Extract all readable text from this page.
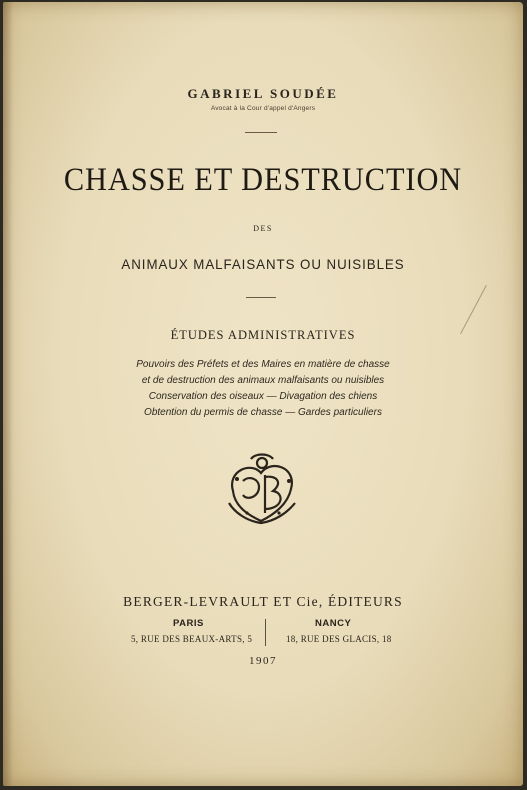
GABRIEL SOUDÉE
Avocat à la Cour d'appel d'Angers
CHASSE ET DESTRUCTION
DES
ANIMAUX MALFAISANTS OU NUISIBLES
ÉTUDES ADMINISTRATIVES
Pouvoirs des Préfets et des Maires en matière de chasse
et de destruction des animaux malfaisants ou nuisibles
Conservation des oiseaux — Divagation des chiens
Obtention du permis de chasse — Gardes particuliers
BERGER-LEVRAULT ET Cie, ÉDITEURS
PARIS
5, RUE DES BEAUX-ARTS, 5
NANCY
18, RUE DES GLACIS, 18
1907
